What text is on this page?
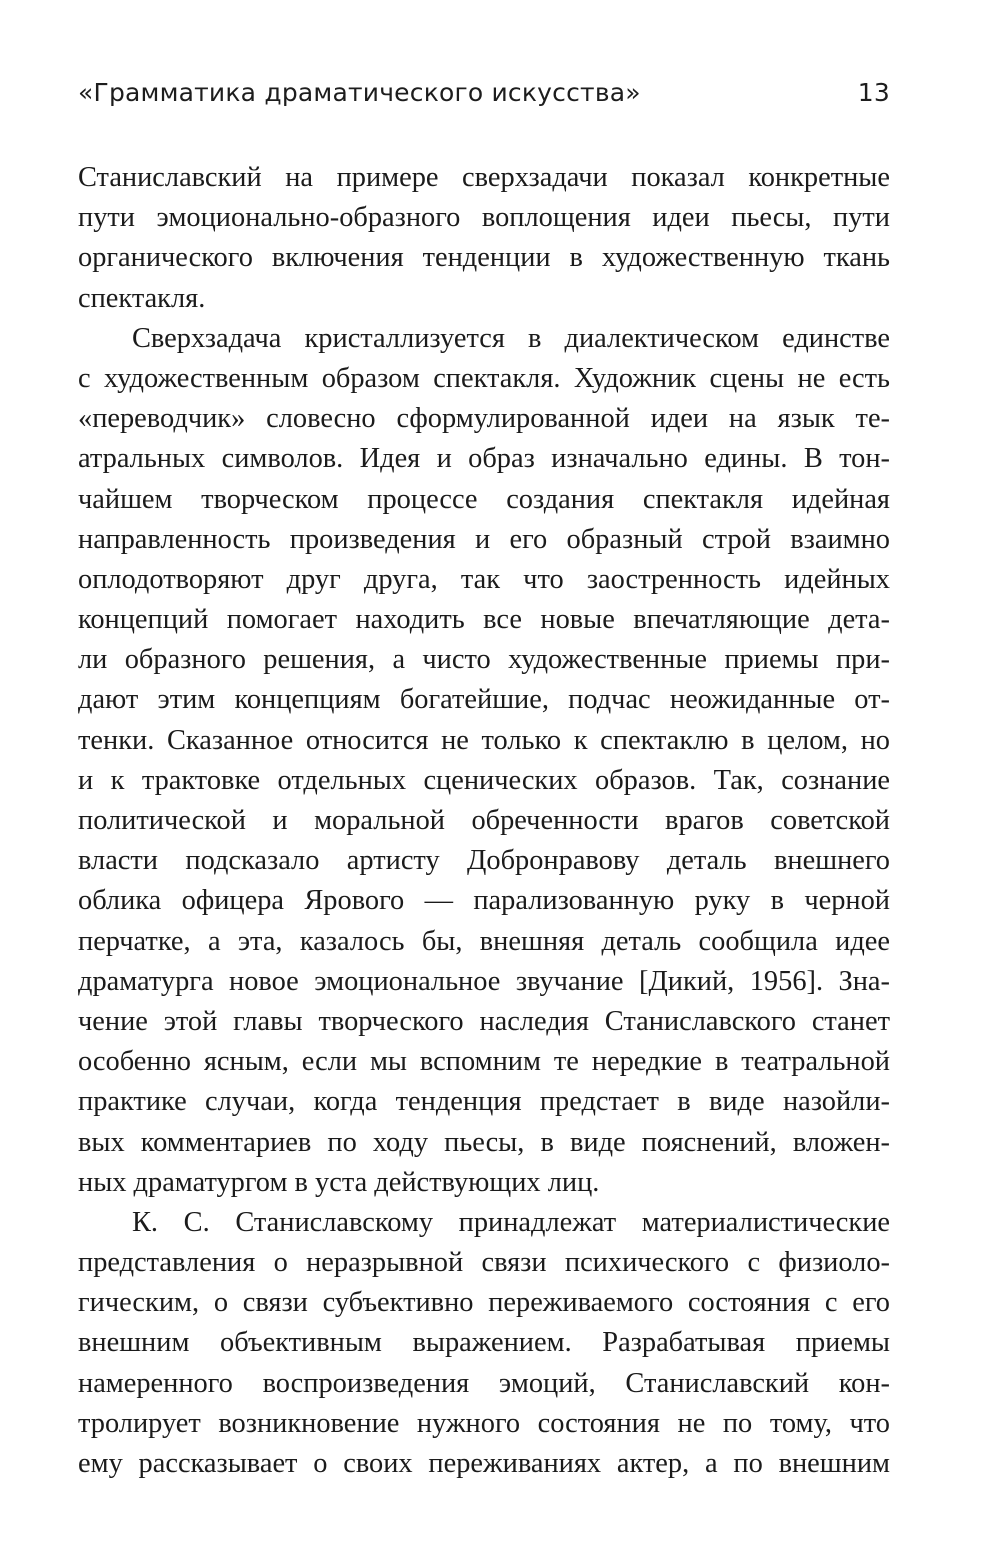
«Грамматика драматического искусства»	13

Станиславский на примере сверхзадачи показал конкретные
пути эмоционально-образного воплощения идеи пьесы, пути
органического включения тенденции в художественную ткань
спектакля.

Сверхзадача кристаллизуется в диалектическом единстве
с художественным образом спектакля. Художник сцены не есть
«переводчик» словесно сформулированной идеи на язык те-
атральных символов. Идея и образ изначально едины. В тон-
чайшем творческом процессе создания спектакля идейная
направленность произведения и его образный строй взаимно
оплодотворяют друг друга, так что заостренность идейных
концепций помогает находить все новые впечатляющие дета-
ли образного решения, а чисто художественные приемы при-
дают этим концепциям богатейшие, подчас неожиданные от-
тенки. Сказанное относится не только к спектаклю в целом, но
и к трактовке отдельных сценических образов. Так, сознание
политической и моральной обреченности врагов советской
власти подсказало артисту Добронравову деталь внешнего
облика офицера Ярового — парализованную руку в черной
перчатке, а эта, казалось бы, внешняя деталь сообщила идее
драматурга новое эмоциональное звучание [Дикий, 1956]. Зна-
чение этой главы творческого наследия Станиславского станет
особенно ясным, если мы вспомним те нередкие в театральной
практике случаи, когда тенденция предстает в виде назойли-
вых комментариев по ходу пьесы, в виде пояснений, вложен-
ных драматургом в уста действующих лиц.

К. С. Станиславскому принадлежат материалистические
представления о неразрывной связи психического с физиоло-
гическим, о связи субъективно переживаемого состояния с его
внешним объективным выражением. Разрабатывая приемы
намеренного воспроизведения эмоций, Станиславский кон-
тролирует возникновение нужного состояния не по тому, что
ему рассказывает о своих переживаниях актер, а по внешним
